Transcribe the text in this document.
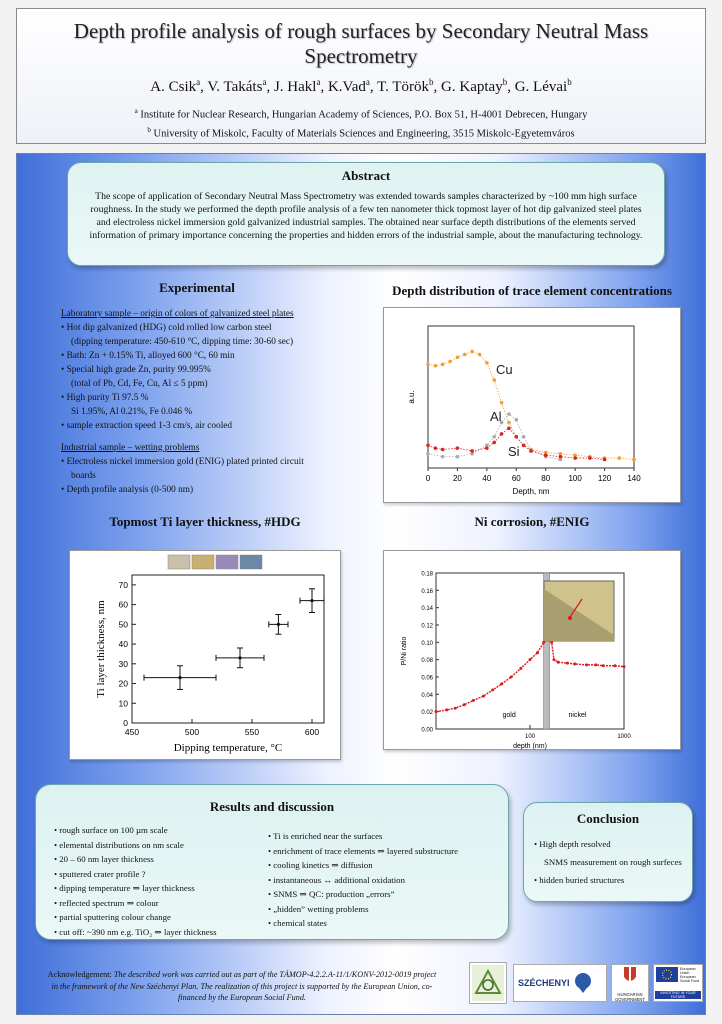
Depth profile analysis of rough surfaces by Secondary Neutral Mass Spectrometry
A. Csik$^a$, V. Takáts$^a$, J. Hakl$^a$, K.Vad$^a$, T. Török$^b$, G. Kaptay$^b$, G. Lévai$^b$
$^a$ Institute for Nuclear Research, Hungarian Academy of Sciences, P.O. Box 51, H-4001 Debrecen, Hungary
$^b$ University of Miskolc, Faculty of Materials Sciences and Engineering, 3515 Miskolc-Egyetemváros
Abstract

The scope of application of Secondary Neutral Mass Spectrometry was extended towards samples characterized by ~100 mm high surface roughness. In the study we performed the depth profile analysis of a few ten nanometer thick topmost layer of hot dip galvanized steel plates and electroless nickel immersion gold galvanized industrial samples. The obtained near surface depth distributions of the elements served information of primary importance concerning the properties and hidden errors of the industrial sample, about the manufacturing technology.

Experimental	Depth distribution of trace element concentrations
Laboratory sample – origin of colors of galvanized steel plates
• Hot dip galvanized (HDG) cold rolled low carbon steel
(dipping temperature: 450-610 °C, dipping time: 30-60 sec)
• Bath: Zn + 0.15% Ti, alloyed 600 °C, 60 min
• Special high grade Zn, purity 99.995%
(total of Pb, Cd, Fe, Cu, Al ≤ 5 ppm)
• High purity Ti 97.5 %
Si 1.95%, Al 0.21%, Fe 0.046 %
• sample extraction speed 1-3 cm/s, air cooled
Industrial sample – wetting problems
• Electroless nickel immersion gold (ENIG) plated printed circuit
boards
• Depth profile analysis (0-500 nm)
0	20	40	60	80 100 120 140
Depth, nm
a.u.
Cu
Al
Si
Topmost Ti layer thickness, #HDG	Ni corrosion, #ENIG
450	500	550	600
0
10
20
30
40
50
60
70
Dipping temperature, °C
Ti layer thickness, nm
0.00
0.02
0.04
0.06
0.08
0.10
0.12
0.14
0.16
0.18
100	1000
depth (nm)
P/Ni ratio
gold	nickel
Results and discussion
• rough surface on 100 µm scale
• elemental distributions on nm scale
• 20 – 60 nm layer thickness
• sputtered crater profile ?
• dipping temperature ⇒ layer thickness
• reflected spectrum ⇒ colour
• partial sputtering colour change
• cut off: ~390 nm e.g. TiO₂ ⇒ layer thickness
• Ti is enriched near the surfaces
• enrichment of trace elements ⇒ layered substructure
• cooling kinetics ⇒ diffusion
• instantaneous ↔ additional oxidation
• SNMS ⇒ QC: production „errors”
• „hidden” wetting problems
• chemical states
Conclusion
• High depth resolved
SNMS measurement on rough surfeces
• hidden buried structures
Acknowledgement: The described work was carried out as part of the TÁMOP-4.2.2.A-11/1/KONV-2012-0019 project in the framework of the New Széchenyi Plan. The realization of this project is supported by the European Union, co-financed by the European Social Fund.
SZÉCHENYI
HUNGARIAN GOVERNMENT
European Union European Social Fund
INVESTING IN YOUR FUTURE
